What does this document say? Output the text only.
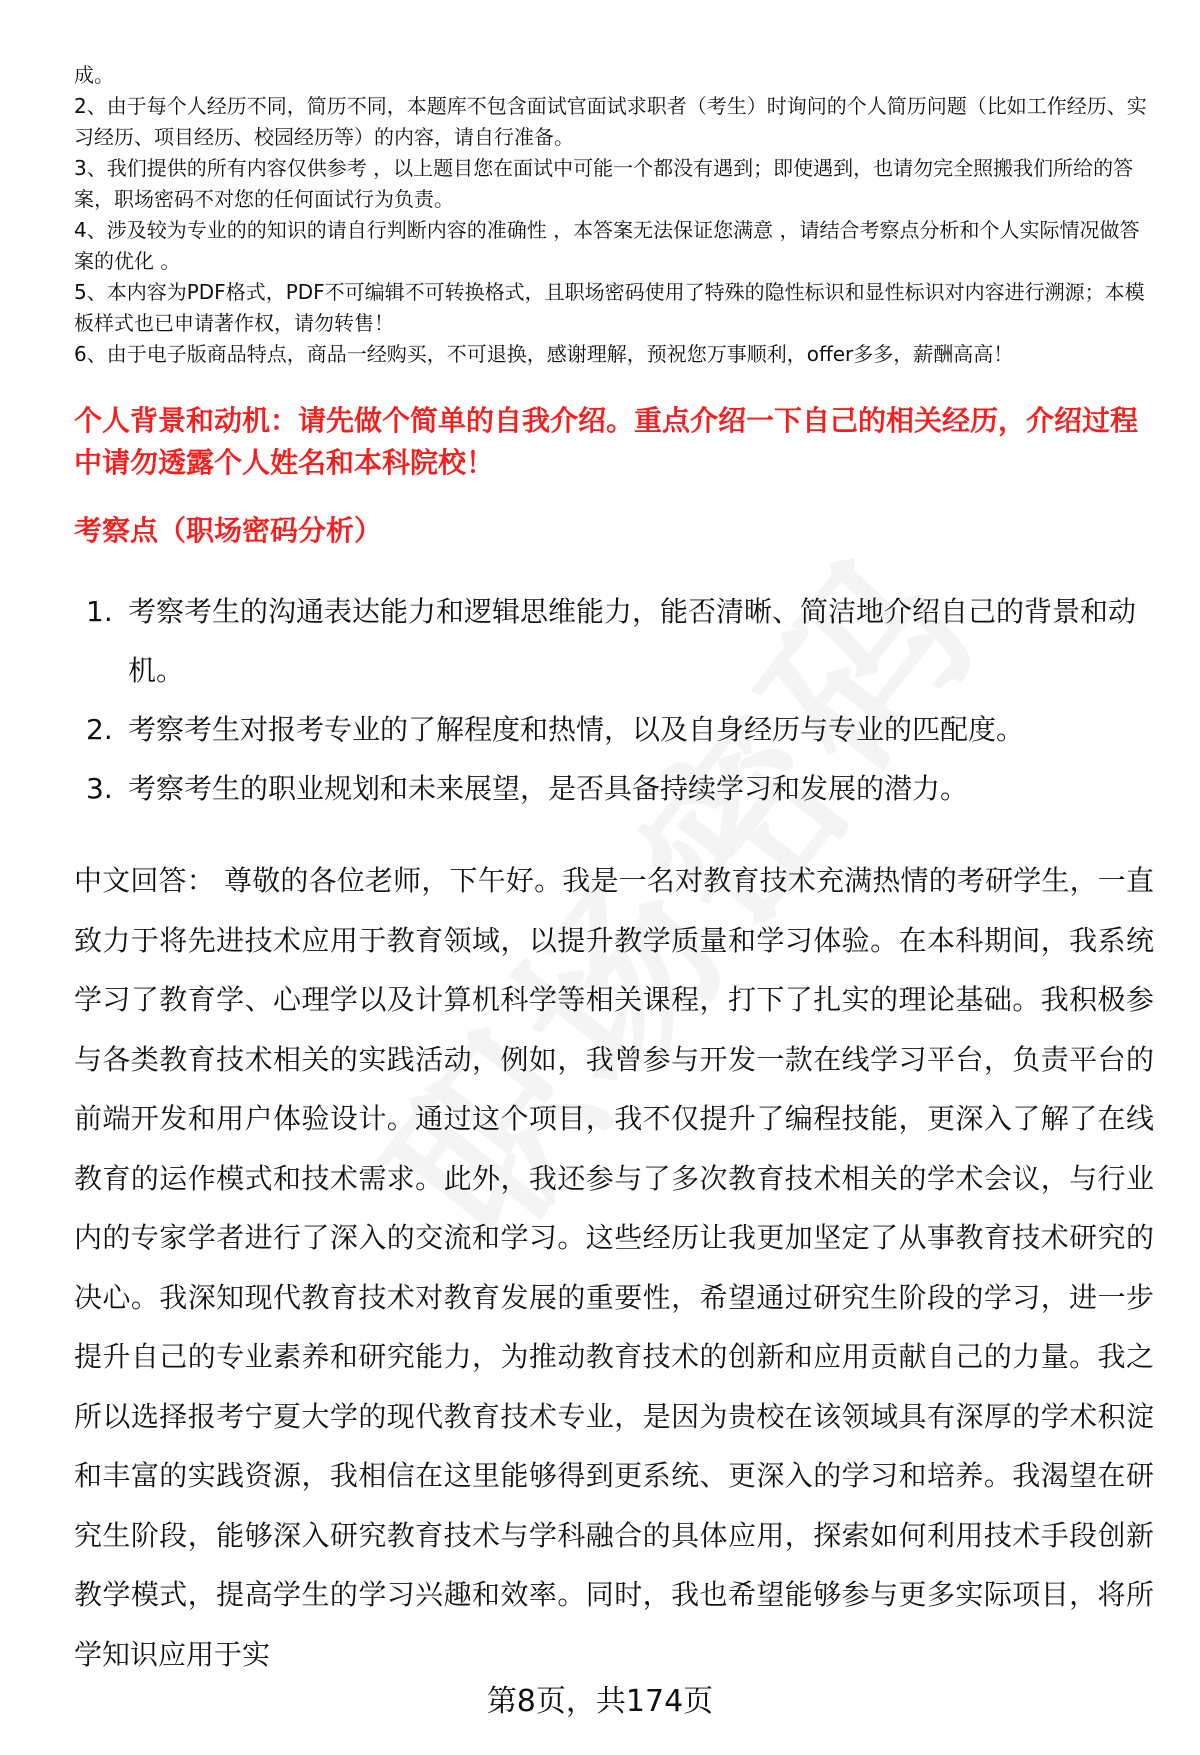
成。

2、由于每个人经历不同，简历不同，本题库不包含面试官面试求职者（考生）时询问的个人简历问题（比如工作经历、实习经历、项目经历、校园经历等）的内容，请自行准备。

3、我们提供的所有内容仅供参考 ，以上题目您在面试中可能一个都没有遇到；即使遇到，也请勿完全照搬我们所给的答案，职场密码不对您的任何面试行为负责。

4、涉及较为专业的的知识的请自行判断内容的准确性 ，本答案无法保证您满意 ，请结合考察点分析和个人实际情况做答案的优化 。

5、本内容为PDF格式，PDF不可编辑不可转换格式，且职场密码使用了特殊的隐性标识和显性标识对内容进行溯源；本模板样式也已申请著作权，请勿转售！

6、由于电子版商品特点，商品一经购买，不可退换，感谢理解，预祝您万事顺利，offer多多，薪酬高高！

个人背景和动机：请先做个简单的自我介绍。重点介绍一下自己的相关经历，介绍过程中请勿透露个人姓名和本科院校！

考察点（职场密码分析）

1. 考察考生的沟通表达能力和逻辑思维能力，能否清晰、简洁地介绍自己的背景和动机。
2. 考察考生对报考专业的了解程度和热情，以及自身经历与专业的匹配度。
3. 考察考生的职业规划和未来展望，是否具备持续学习和发展的潜力。

中文回答： 尊敬的各位老师，下午好。我是一名对教育技术充满热情的考研学生，一直致力于将先进技术应用于教育领域，以提升教学质量和学习体验。在本科期间，我系统学习了教育学、心理学以及计算机科学等相关课程，打下了扎实的理论基础。我积极参与各类教育技术相关的实践活动，例如，我曾参与开发一款在线学习平台，负责平台的前端开发和用户体验设计。通过这个项目，我不仅提升了编程技能，更深入了解了在线教育的运作模式和技术需求。此外，我还参与了多次教育技术相关的学术会议，与行业内的专家学者进行了深入的交流和学习。这些经历让我更加坚定了从事教育技术研究的决心。我深知现代教育技术对教育发展的重要性，希望通过研究生阶段的学习，进一步提升自己的专业素养和研究能力，为推动教育技术的创新和应用贡献自己的力量。我之所以选择报考宁夏大学的现代教育技术专业，是因为贵校在该领域具有深厚的学术积淀和丰富的实践资源，我相信在这里能够得到更系统、更深入的学习和培养。我渴望在研究生阶段，能够深入研究教育技术与学科融合的具体应用，探索如何利用技术手段创新教学模式，提高学生的学习兴趣和效率。同时，我也希望能够参与更多实际项目，将所学知识应用于实

第8页，共174页
